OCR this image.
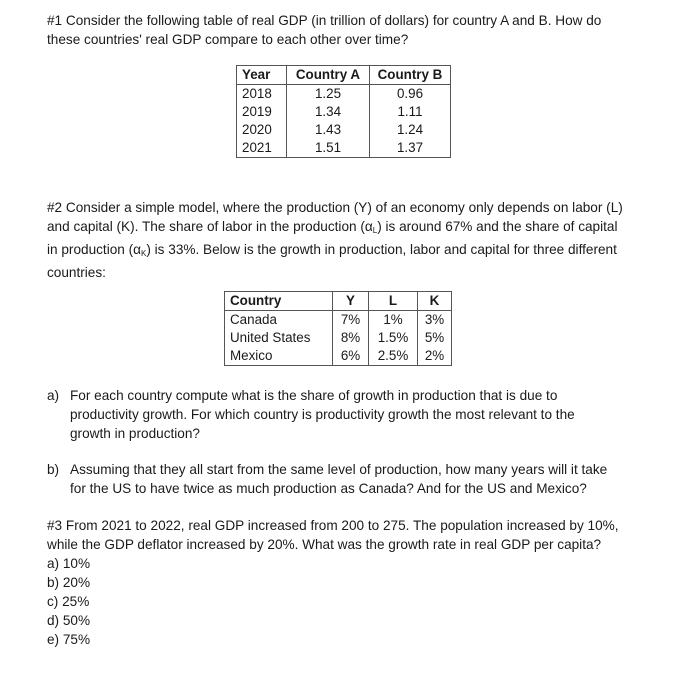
#1 Consider the following table of real GDP (in trillion of dollars) for country A and B. How do
these countries' real GDP compare to each other over time?
Year	Country A	Country B
2018	1.25	0.96
2019	1.34	1.11
2020	1.43	1.24
2021	1.51	1.37
#2 Consider a simple model, where the production (Y) of an economy only depends on labor (L)
and capital (K). The share of labor in the production $(\alpha_L)$ is around 67% and the share of capital
in production $(\alpha_K)$ is 33%. Below is the growth in production, labor and capital for three different
countries:
Country	Y	L	K
Canada	7%	1%	3%
United States	8%	1.5%	5%
Mexico	6%	2.5%	2%
a) For each country compute what is the share of growth in production that is due to
productivity growth. For which country is productivity growth the most relevant to the
growth in production?
b) Assuming that they all start from the same level of production, how many years will it take
for the US to have twice as much production as Canada? And for the US and Mexico?
#3 From 2021 to 2022, real GDP increased from 200 to 275. The population increased by 10%,
while the GDP deflator increased by 20%. What was the growth rate in real GDP per capita?
a) 10%
b) 20%
c) 25%
d) 50%
e) 75%
